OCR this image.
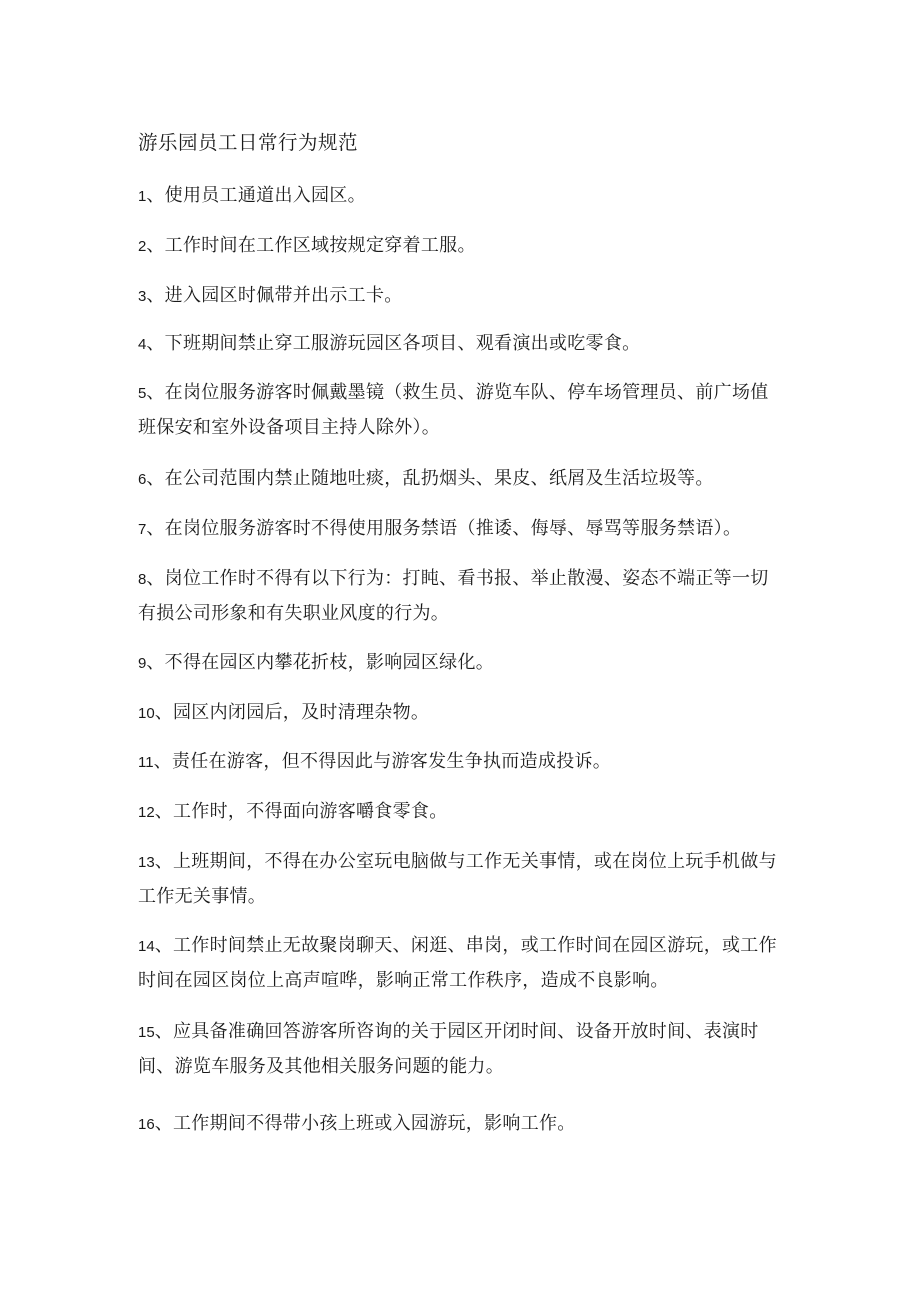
游乐园员工日常行为规范
1、使用员工通道出入园区。
2、工作时间在工作区域按规定穿着工服。
3、进入园区时佩带并出示工卡。
4、下班期间禁止穿工服游玩园区各项目、观看演出或吃零食。
5、在岗位服务游客时佩戴墨镜（救生员、游览车队、停车场管理员、前广场值班保安和室外设备项目主持人除外）。
6、在公司范围内禁止随地吐痰，乱扔烟头、果皮、纸屑及生活垃圾等。
7、在岗位服务游客时不得使用服务禁语（推诿、侮辱、辱骂等服务禁语）。
8、岗位工作时不得有以下行为：打盹、看书报、举止散漫、姿态不端正等一切有损公司形象和有失职业风度的行为。
9、不得在园区内攀花折枝，影响园区绿化。
10、园区内闭园后，及时清理杂物。
11、责任在游客，但不得因此与游客发生争执而造成投诉。
12、工作时，不得面向游客嚼食零食。
13、上班期间，不得在办公室玩电脑做与工作无关事情，或在岗位上玩手机做与工作无关事情。
14、工作时间禁止无故聚岗聊天、闲逛、串岗，或工作时间在园区游玩，或工作时间在园区岗位上高声喧哗，影响正常工作秩序，造成不良影响。
15、应具备准确回答游客所咨询的关于园区开闭时间、设备开放时间、表演时间、游览车服务及其他相关服务问题的能力。
16、工作期间不得带小孩上班或入园游玩，影响工作。
